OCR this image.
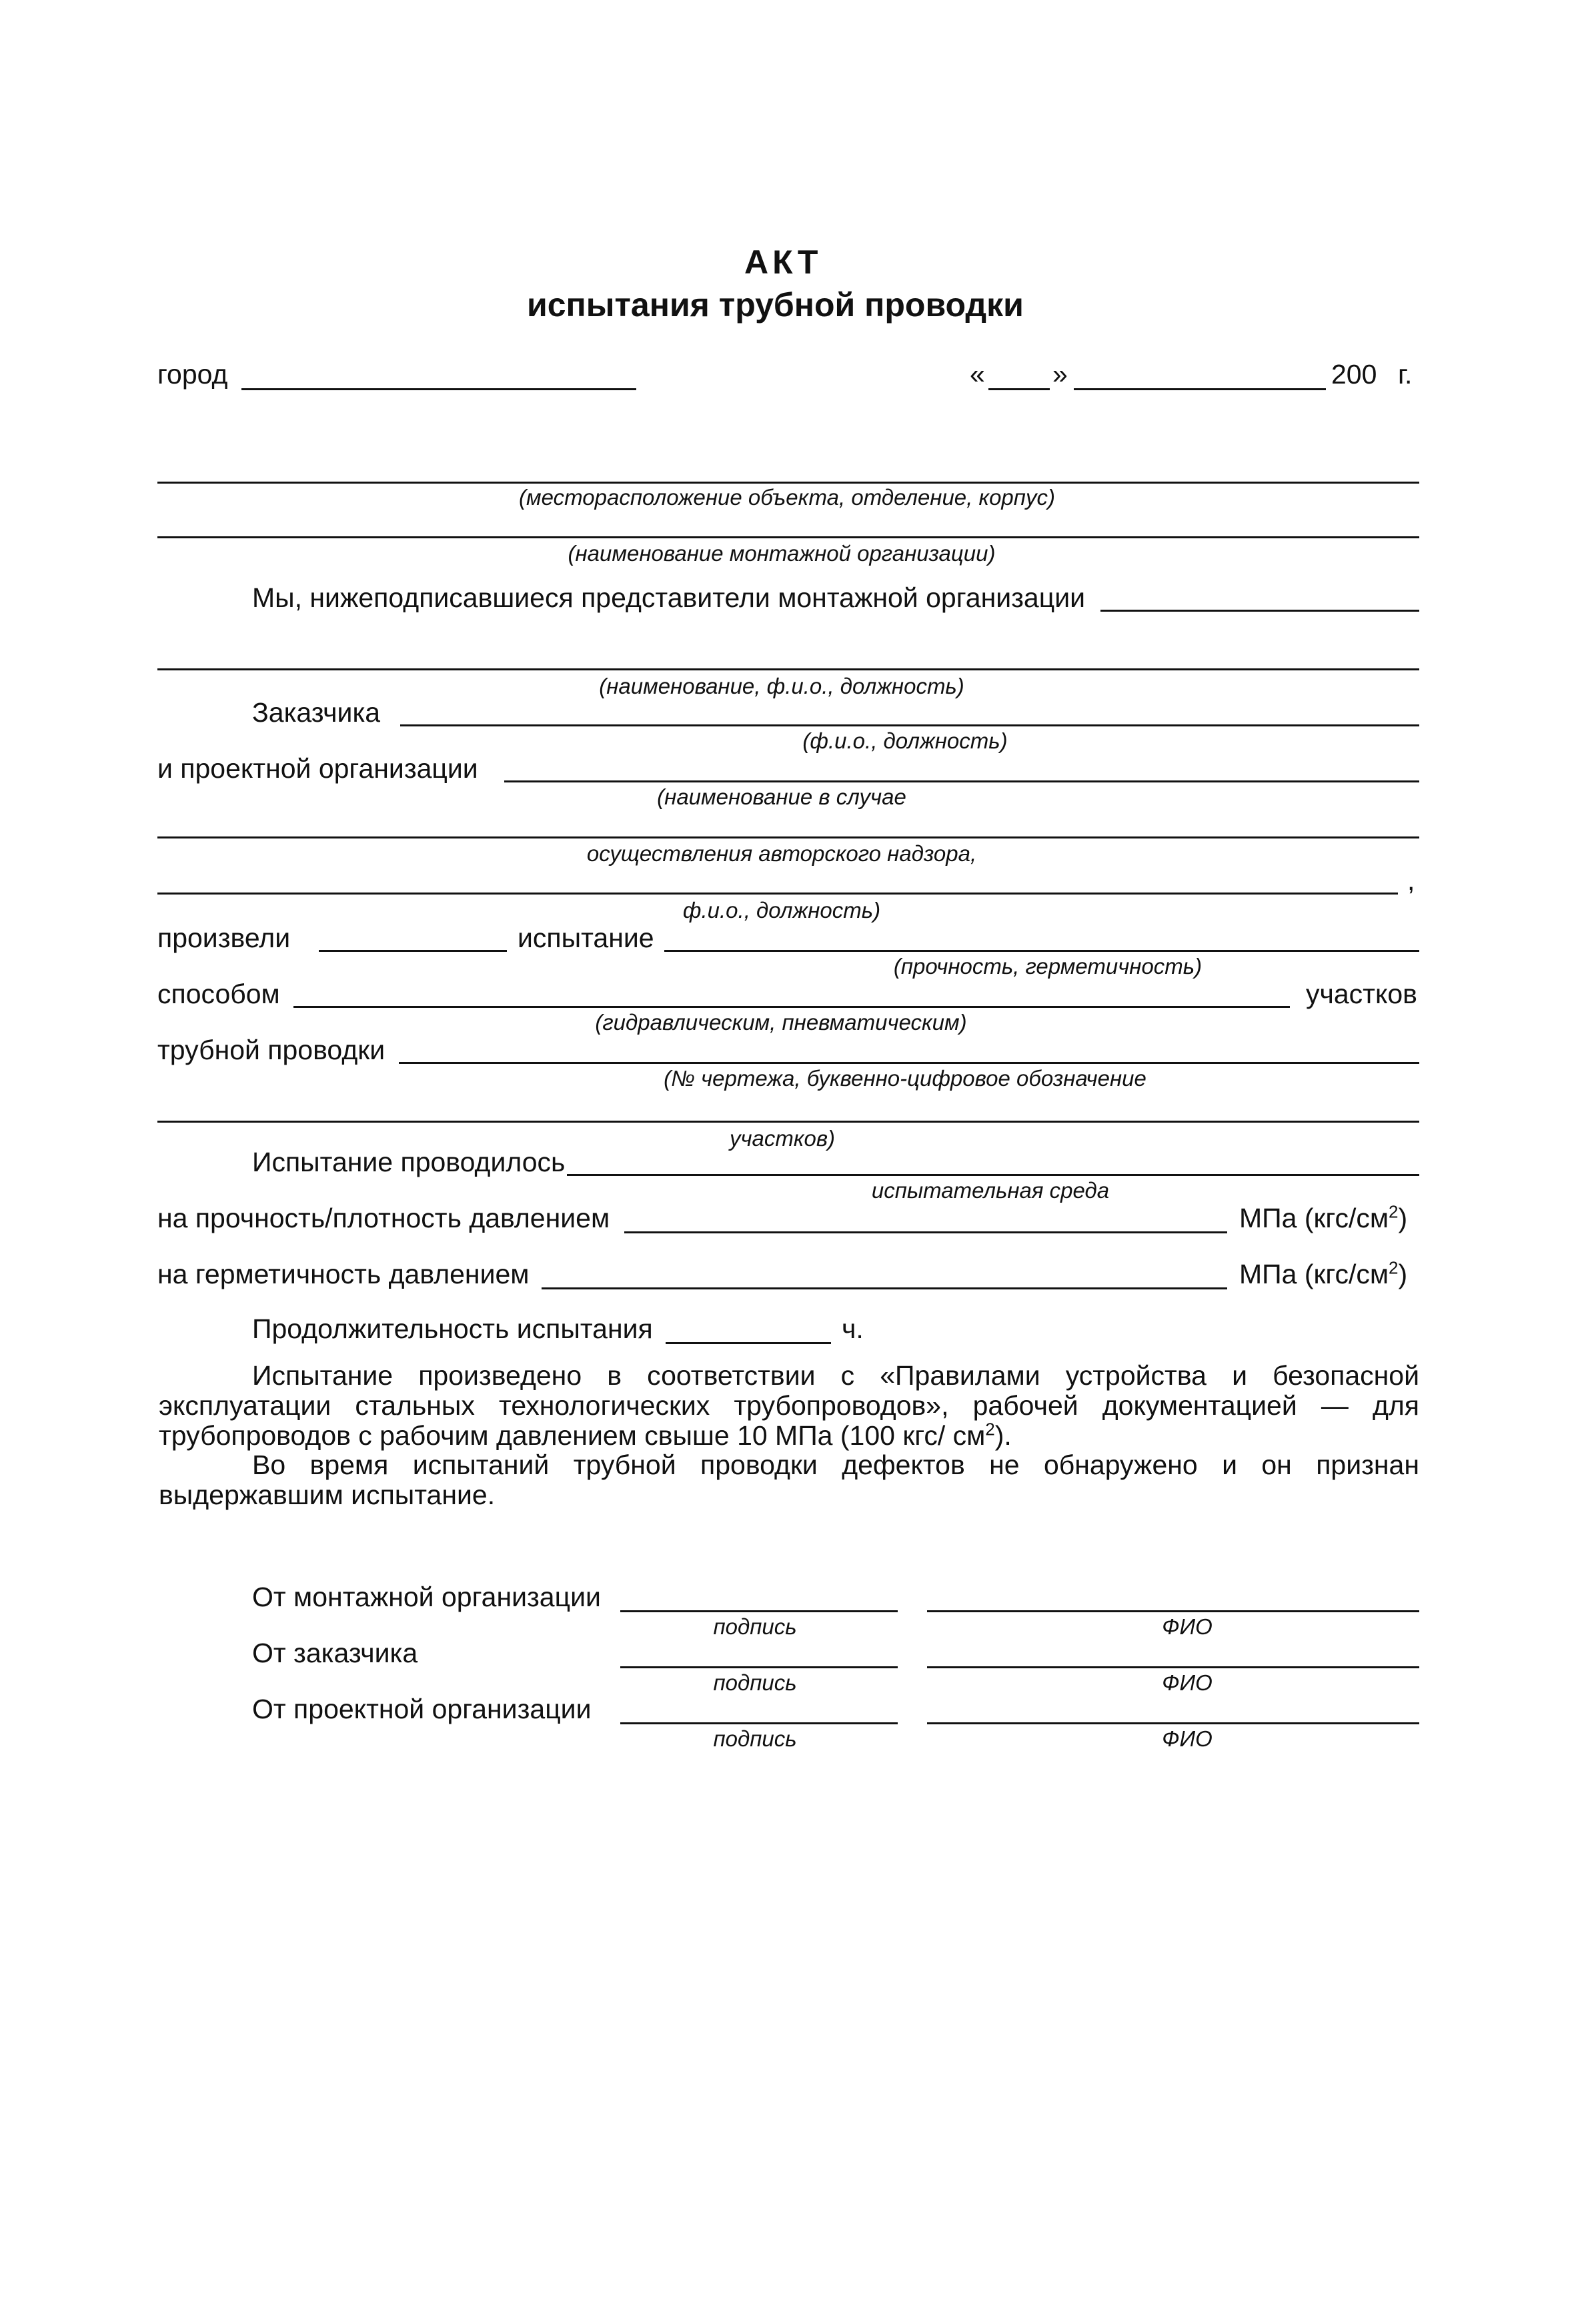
АКТ
испытания трубной проводки
город	« »	200 г.
(месторасположение объекта, отделение, корпус)
(наименование монтажной организации)
Мы, нижеподписавшиеся представители монтажной организации
(наименование, ф.и.о., должность)
Заказчика
(ф.и.о., должность)
и проектной организации
(наименование в случае
осуществления авторского надзора,
,
ф.и.о., должность)
произвели	испытание
(прочность, герметичность)
способом	участков
(гидравлическим, пневматическим)
трубной проводки
(№ чертежа, буквенно-цифровое обозначение
участков)
Испытание проводилось
испытательная среда
на прочность/плотность давлением	МПа $(кгс/см^2)$
на герметичность давлением	МПа $(кгс/см^2)$
Продолжительность испытания	ч.
Испытание произведено в соответствии с «Правилами устройства и безопасной эксплуатации стальных технологических трубопроводов», рабочей документацией — для трубопроводов с рабочим давлением свыше 10 МПа (100 кгс/ $см^2$).
Во время испытаний трубной проводки дефектов не обнаружено и он признан выдержавшим испытание.
От монтажной организации
подпись	ФИО
От заказчика
подпись	ФИО
От проектной организации
подпись	ФИО
